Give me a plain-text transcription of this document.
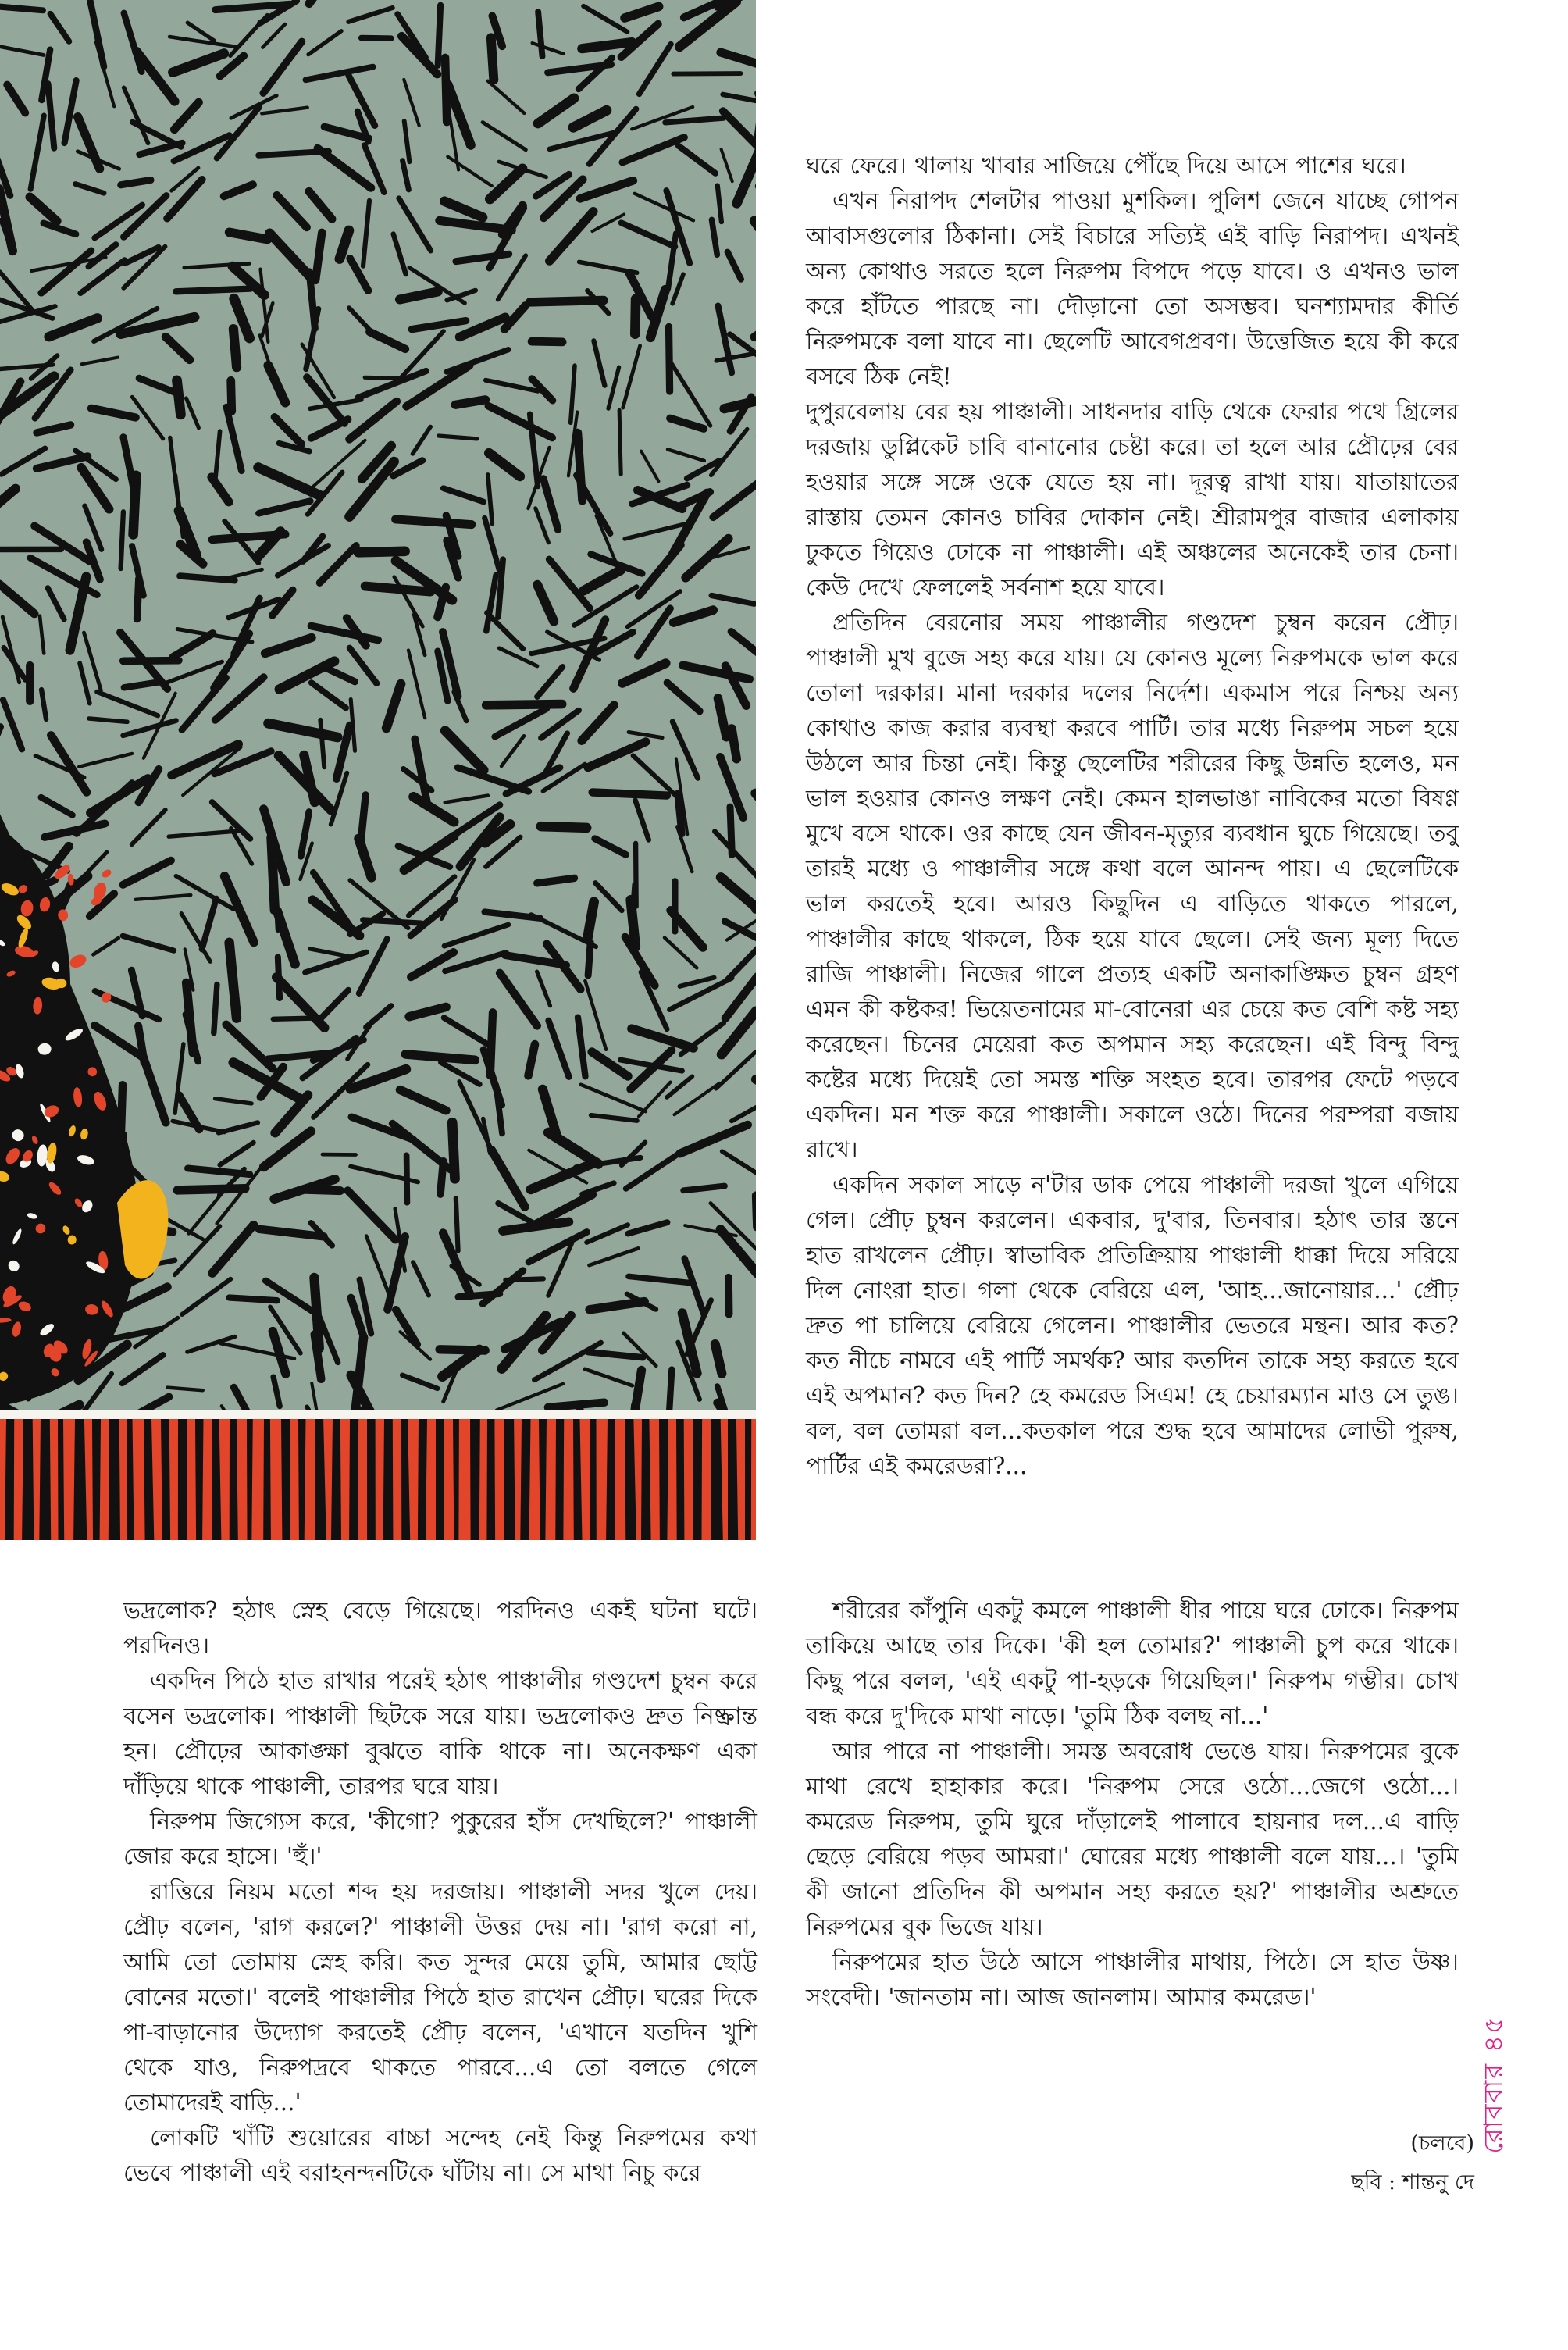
ঘরে ফেরে। থালায় খাবার সাজিয়ে পৌঁছে দিয়ে আসে পাশের ঘরে।

এখন নিরাপদ শেলটার পাওয়া মুশকিল। পুলিশ জেনে যাচ্ছে গোপন আবাসগুলোর ঠিকানা। সেই বিচারে সত্যিই এই বাড়ি নিরাপদ। এখনই অন্য কোথাও সরতে হলে নিরুপম বিপদে পড়ে যাবে। ও এখনও ভাল করে হাঁটতে পারছে না। দৌড়ানো তো অসম্ভব। ঘনশ্যামদার কীর্তি নিরুপমকে বলা যাবে না। ছেলেটি আবেগপ্রবণ। উত্তেজিত হয়ে কী করে বসবে ঠিক নেই!

দুপুরবেলায় বের হয় পাঞ্চালী। সাধনদার বাড়ি থেকে ফেরার পথে গ্রিলের দরজায় ডুপ্লিকেট চাবি বানানোর চেষ্টা করে। তা হলে আর প্রৌঢ়ের বের হওয়ার সঙ্গে সঙ্গে ওকে যেতে হয় না। দূরত্ব রাখা যায়। যাতায়াতের রাস্তায় তেমন কোনও চাবির দোকান নেই। শ্রীরামপুর বাজার এলাকায় ঢুকতে গিয়েও ঢোকে না পাঞ্চালী। এই অঞ্চলের অনেকেই তার চেনা। কেউ দেখে ফেললেই সর্বনাশ হয়ে যাবে।

প্রতিদিন বেরনোর সময় পাঞ্চালীর গণ্ডদেশ চুম্বন করেন প্রৌঢ়। পাঞ্চালী মুখ বুজে সহ্য করে যায়। যে কোনও মূল্যে নিরুপমকে ভাল করে তোলা দরকার। মানা দরকার দলের নির্দেশ। একমাস পরে নিশ্চয় অন্য কোথাও কাজ করার ব্যবস্থা করবে পার্টি। তার মধ্যে নিরুপম সচল হয়ে উঠলে আর চিন্তা নেই। কিন্তু ছেলেটির শরীরের কিছু উন্নতি হলেও, মন ভাল হওয়ার কোনও লক্ষণ নেই। কেমন হালভাঙা নাবিকের মতো বিষণ্ণ মুখে বসে থাকে। ওর কাছে যেন জীবন-মৃত্যুর ব্যবধান ঘুচে গিয়েছে। তবু তারই মধ্যে ও পাঞ্চালীর সঙ্গে কথা বলে আনন্দ পায়। এ ছেলেটিকে ভাল করতেই হবে। আরও কিছুদিন এ বাড়িতে থাকতে পারলে, পাঞ্চালীর কাছে থাকলে, ঠিক হয়ে যাবে ছেলে। সেই জন্য মূল্য দিতে রাজি পাঞ্চালী। নিজের গালে প্রত্যহ একটি অনাকাঙ্ক্ষিত চুম্বন গ্রহণ এমন কী কষ্টকর! ভিয়েতনামের মা-বোনেরা এর চেয়ে কত বেশি কষ্ট সহ্য করেছেন। চিনের মেয়েরা কত অপমান সহ্য করেছেন। এই বিন্দু বিন্দু কষ্টের মধ্যে দিয়েই তো সমস্ত শক্তি সংহত হবে। তারপর ফেটে পড়বে একদিন। মন শক্ত করে পাঞ্চালী। সকালে ওঠে। দিনের পরম্পরা বজায় রাখে।

একদিন সকাল সাড়ে ন'টার ডাক পেয়ে পাঞ্চালী দরজা খুলে এগিয়ে গেল। প্রৌঢ় চুম্বন করলেন। একবার, দু'বার, তিনবার। হঠাৎ তার স্তনে হাত রাখলেন প্রৌঢ়। স্বাভাবিক প্রতিক্রিয়ায় পাঞ্চালী ধাক্কা দিয়ে সরিয়ে দিল নোংরা হাত। গলা থেকে বেরিয়ে এল, 'আহ...জানোয়ার...' প্রৌঢ় দ্রুত পা চালিয়ে বেরিয়ে গেলেন। পাঞ্চালীর ভেতরে মন্থন। আর কত? কত নীচে নামবে এই পার্টি সমর্থক? আর কতদিন তাকে সহ্য করতে হবে এই অপমান? কত দিন? হে কমরেড সিএম! হে চেয়ারম্যান মাও সে তুঙ। বল, বল তোমরা বল...কতকাল পরে শুদ্ধ হবে আমাদের লোভী পুরুষ, পার্টির এই কমরেডরা?...

ভদ্রলোক? হঠাৎ স্নেহ বেড়ে গিয়েছে। পরদিনও একই ঘটনা ঘটে। পরদিনও।

একদিন পিঠে হাত রাখার পরেই হঠাৎ পাঞ্চালীর গণ্ডদেশ চুম্বন করে বসেন ভদ্রলোক। পাঞ্চালী ছিটকে সরে যায়। ভদ্রলোকও দ্রুত নিষ্ক্রান্ত হন। প্রৌঢ়ের আকাঙ্ক্ষা বুঝতে বাকি থাকে না। অনেকক্ষণ একা দাঁড়িয়ে থাকে পাঞ্চালী, তারপর ঘরে যায়।

নিরুপম জিগ্যেস করে, 'কীগো? পুকুরের হাঁস দেখছিলে?' পাঞ্চালী জোর করে হাসে। 'হুঁ।'

রাত্তিরে নিয়ম মতো শব্দ হয় দরজায়। পাঞ্চালী সদর খুলে দেয়। প্রৌঢ় বলেন, 'রাগ করলে?' পাঞ্চালী উত্তর দেয় না। 'রাগ করো না, আমি তো তোমায় স্নেহ করি। কত সুন্দর মেয়ে তুমি, আমার ছোট্ট বোনের মতো।' বলেই পাঞ্চালীর পিঠে হাত রাখেন প্রৌঢ়। ঘরের দিকে পা-বাড়ানোর উদ্যোগ করতেই প্রৌঢ় বলেন, 'এখানে যতদিন খুশি থেকে যাও, নিরুপদ্রবে থাকতে পারবে...এ তো বলতে গেলে তোমাদেরই বাড়ি...'

লোকটি খাঁটি শুয়োরের বাচ্চা সন্দেহ নেই কিন্তু নিরুপমের কথা ভেবে পাঞ্চালী এই বরাহনন্দনটিকে ঘাঁটায় না। সে মাথা নিচু করে

শরীরের কাঁপুনি একটু কমলে পাঞ্চালী ধীর পায়ে ঘরে ঢোকে। নিরুপম তাকিয়ে আছে তার দিকে। 'কী হল তোমার?' পাঞ্চালী চুপ করে থাকে। কিছু পরে বলল, 'এই একটু পা-হড়কে গিয়েছিল।' নিরুপম গম্ভীর। চোখ বন্ধ করে দু'দিকে মাথা নাড়ে। 'তুমি ঠিক বলছ না...'

আর পারে না পাঞ্চালী। সমস্ত অবরোধ ভেঙে যায়। নিরুপমের বুকে মাথা রেখে হাহাকার করে। 'নিরুপম সেরে ওঠো...জেগে ওঠো...। কমরেড নিরুপম, তুমি ঘুরে দাঁড়ালেই পালাবে হায়নার দল...এ বাড়ি ছেড়ে বেরিয়ে পড়ব আমরা।' ঘোরের মধ্যে পাঞ্চালী বলে যায়...। 'তুমি কী জানো প্রতিদিন কী অপমান সহ্য করতে হয়?' পাঞ্চালীর অশ্রুতে নিরুপমের বুক ভিজে যায়।

নিরুপমের হাত উঠে আসে পাঞ্চালীর মাথায়, পিঠে। সে হাত উষ্ণ। সংবেদী। 'জানতাম না। আজ জানলাম। আমার কমরেড।'

(চলবে)
ছবি : শান্তনু দে
রোববার ৪৫
